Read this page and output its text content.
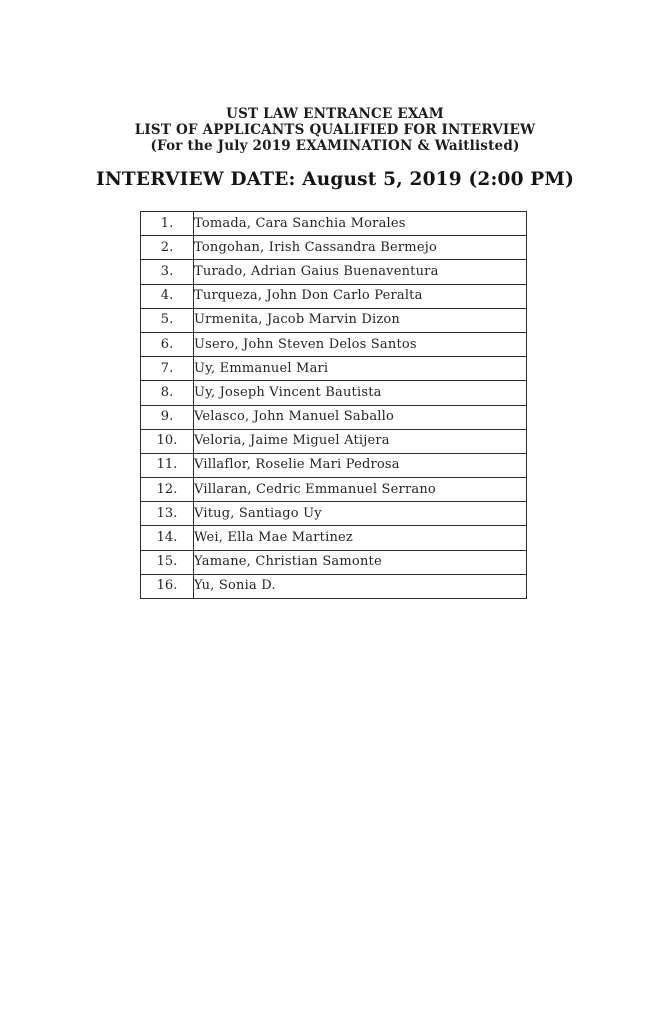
UST LAW ENTRANCE EXAM
LIST OF APPLICANTS QUALIFIED FOR INTERVIEW
(For the July 2019 EXAMINATION & Waitlisted)
INTERVIEW DATE: August 5, 2019 (2:00 PM)
1.	Tomada, Cara Sanchia Morales
2.	Tongohan, Irish Cassandra Bermejo
3.	Turado, Adrian Gaius Buenaventura
4.	Turqueza, John Don Carlo Peralta
5.	Urmenita, Jacob Marvin Dizon
6.	Usero, John Steven Delos Santos
7.	Uy, Emmanuel Mari
8.	Uy, Joseph Vincent Bautista
9.	Velasco, John Manuel Saballo
10.	Veloria, Jaime Miguel Atijera
11.	Villaflor, Roselie Mari Pedrosa
12.	Villaran, Cedric Emmanuel Serrano
13.	Vitug, Santiago Uy
14.	Wei, Ella Mae Martinez
15.	Yamane, Christian Samonte
16.	Yu, Sonia D.
